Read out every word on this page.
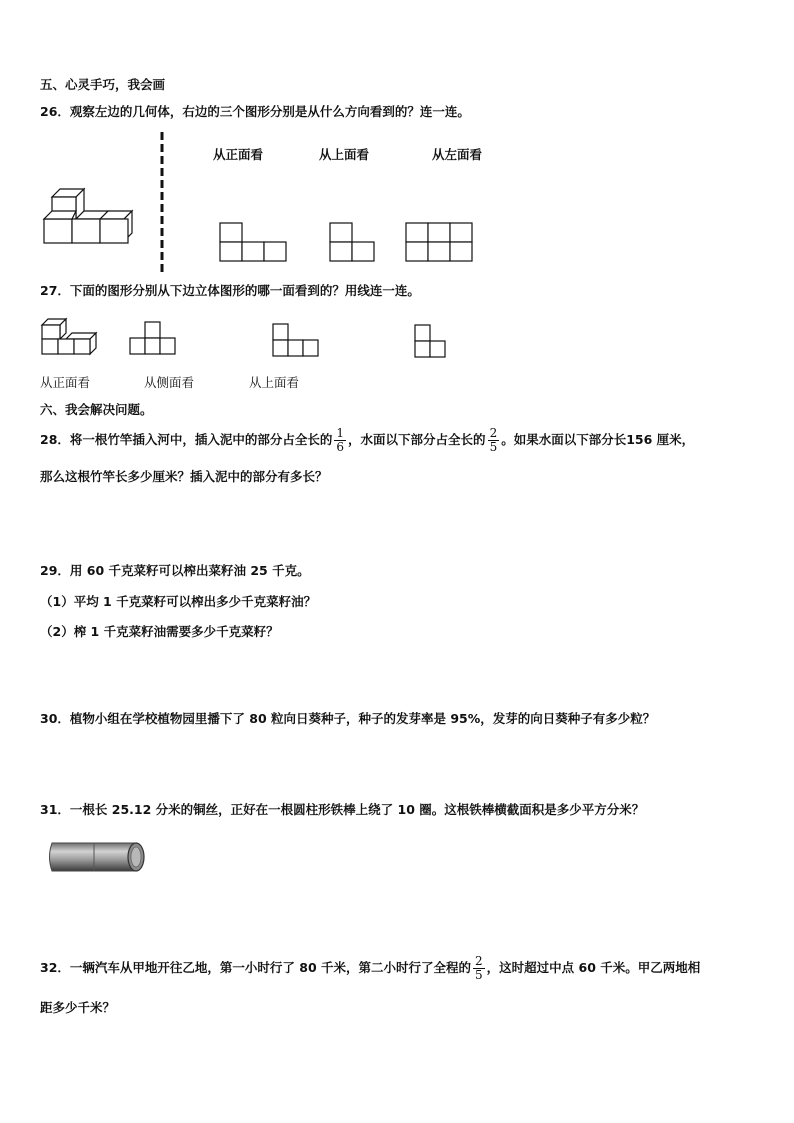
五、心灵手巧，我会画
26．观察左边的几何体，右边的三个图形分别是从什么方向看到的？连一连。
从正面看	从上面看	从左面看
27．下面的图形分别从下边立体图形的哪一面看到的？用线连一连。
从正面看	从侧面看	从上面看
六、我会解决问题。
28．将一根竹竿插入河中，插入泥中的部分占全长的 $\frac{1}{6}$ ，水面以下部分占全长的 $\frac{2}{5}$ 。如果水面以下部分长156 厘米，
那么这根竹竿长多少厘米？插入泥中的部分有多长？
29．用 60 千克菜籽可以榨出菜籽油 25 千克。
（1）平均 1 千克菜籽可以榨出多少千克菜籽油？
（2）榨 1 千克菜籽油需要多少千克菜籽？
30．植物小组在学校植物园里播下了 80 粒向日葵种子，种子的发芽率是 95%，发芽的向日葵种子有多少粒？
31．一根长 25.12 分米的铜丝，正好在一根圆柱形铁棒上绕了 10 圈。这根铁棒横截面积是多少平方分米？
32．一辆汽车从甲地开往乙地，第一小时行了 80 千米，第二小时行了全程的 $\frac{2}{5}$ ，这时超过中点 60 千米。甲乙两地相
距多少千米？
